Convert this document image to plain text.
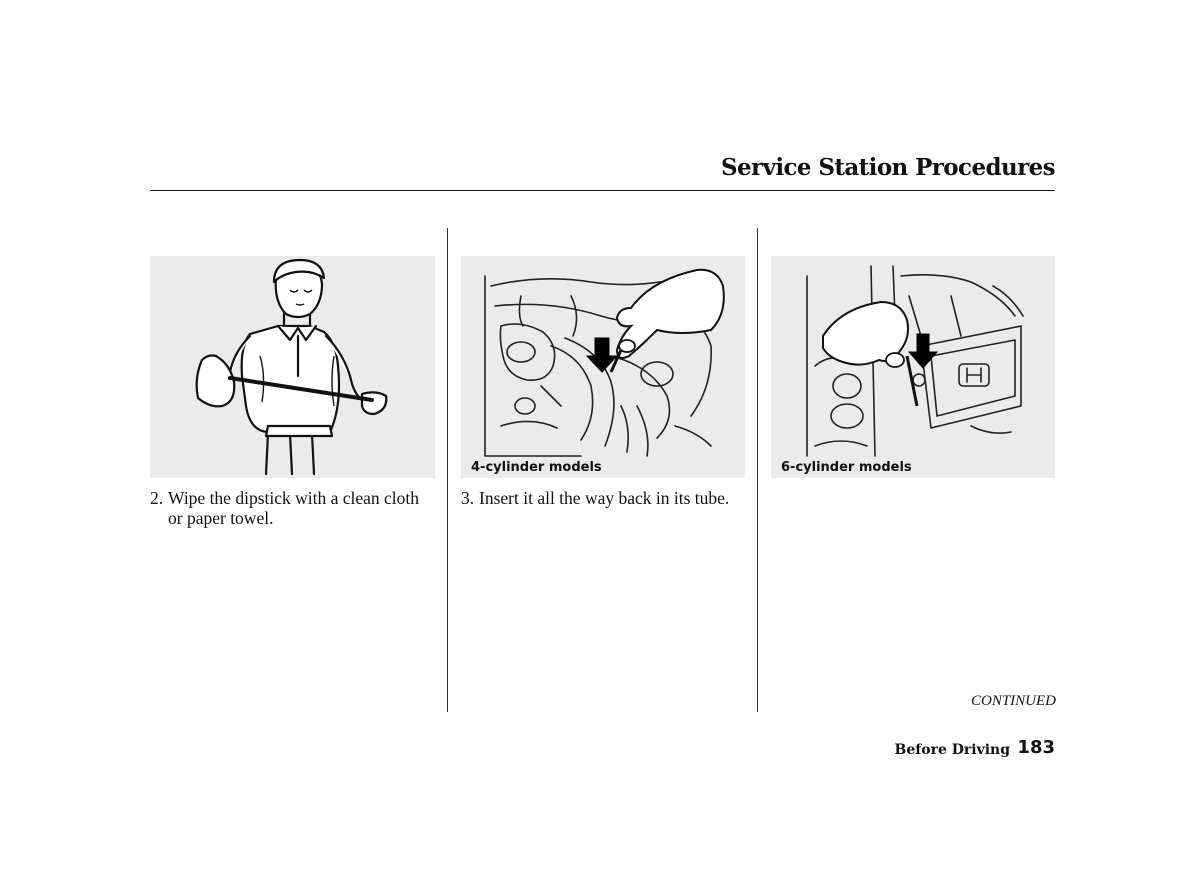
Service Station Procedures
4-cylinder models	6-cylinder models
2. Wipe the dipstick with a clean cloth or paper towel.
3. Insert it all the way back in its tube.
CONTINUED
Before Driving 183
